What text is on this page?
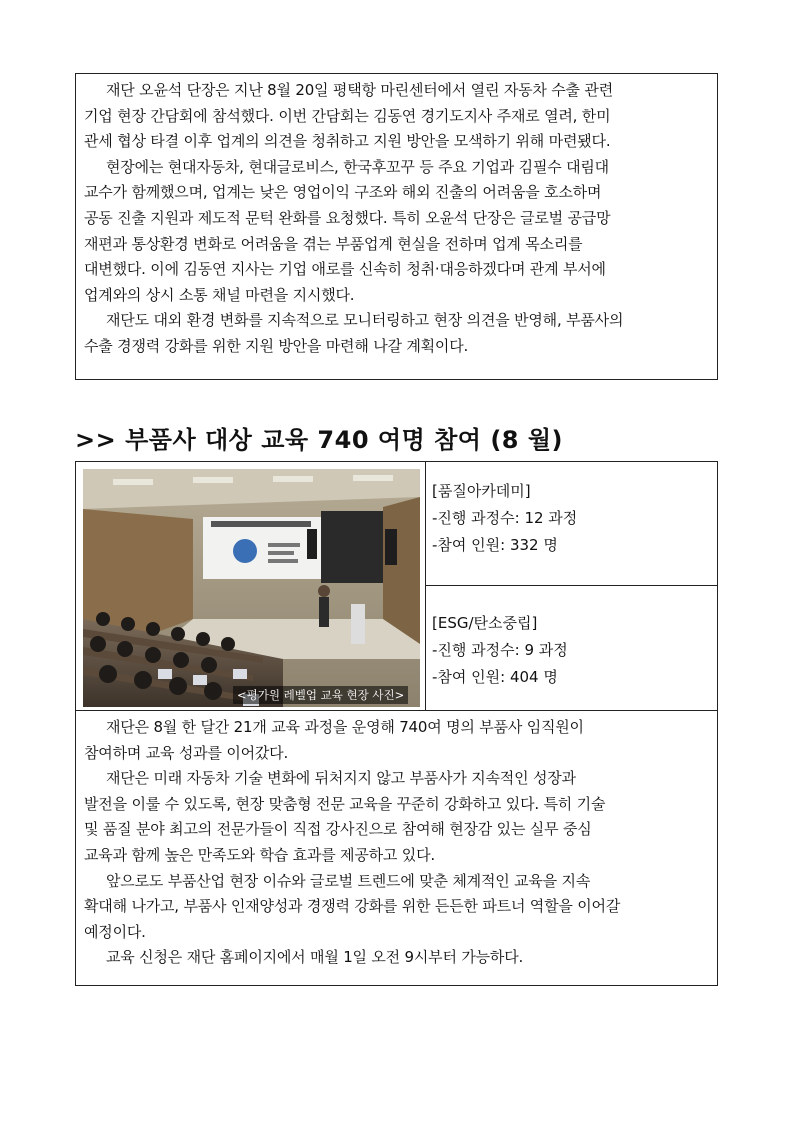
재단 오윤석 단장은 지난 8월 20일 평택항 마린센터에서 열린 자동차 수출 관련
기업 현장 간담회에 참석했다. 이번 간담회는 김동연 경기도지사 주재로 열려, 한미
관세 협상 타결 이후 업계의 의견을 청취하고 지원 방안을 모색하기 위해 마련됐다.

현장에는 현대자동차, 현대글로비스, 한국후꼬꾸 등 주요 기업과 김필수 대림대
교수가 함께했으며, 업계는 낮은 영업이익 구조와 해외 진출의 어려움을 호소하며
공동 진출 지원과 제도적 문턱 완화를 요청했다. 특히 오윤석 단장은 글로벌 공급망
재편과 통상환경 변화로 어려움을 겪는 부품업계 현실을 전하며 업계 목소리를
대변했다. 이에 김동연 지사는 기업 애로를 신속히 청취·대응하겠다며 관계 부서에
업계와의 상시 소통 채널 마련을 지시했다.

재단도 대외 환경 변화를 지속적으로 모니터링하고 현장 의견을 반영해, 부품사의
수출 경쟁력 강화를 위한 지원 방안을 마련해 나갈 계획이다.

>> 부품사 대상 교육 740 여명 참여 (8 월)
<평가원 레벨업 교육 현장 사진>
[품질아카데미]
-진행 과정수: 12 과정
-참여 인원: 332 명
[ESG/탄소중립]
-진행 과정수: 9 과정
-참여 인원: 404 명

재단은 8월 한 달간 21개 교육 과정을 운영해 740여 명의 부품사 임직원이
참여하며 교육 성과를 이어갔다.

재단은 미래 자동차 기술 변화에 뒤처지지 않고 부품사가 지속적인 성장과
발전을 이룰 수 있도록, 현장 맞춤형 전문 교육을 꾸준히 강화하고 있다. 특히 기술
및 품질 분야 최고의 전문가들이 직접 강사진으로 참여해 현장감 있는 실무 중심
교육과 함께 높은 만족도와 학습 효과를 제공하고 있다.

앞으로도 부품산업 현장 이슈와 글로벌 트렌드에 맞춘 체계적인 교육을 지속
확대해 나가고, 부품사 인재양성과 경쟁력 강화를 위한 든든한 파트너 역할을 이어갈
예정이다.

교육 신청은 재단 홈페이지에서 매월 1일 오전 9시부터 가능하다.
